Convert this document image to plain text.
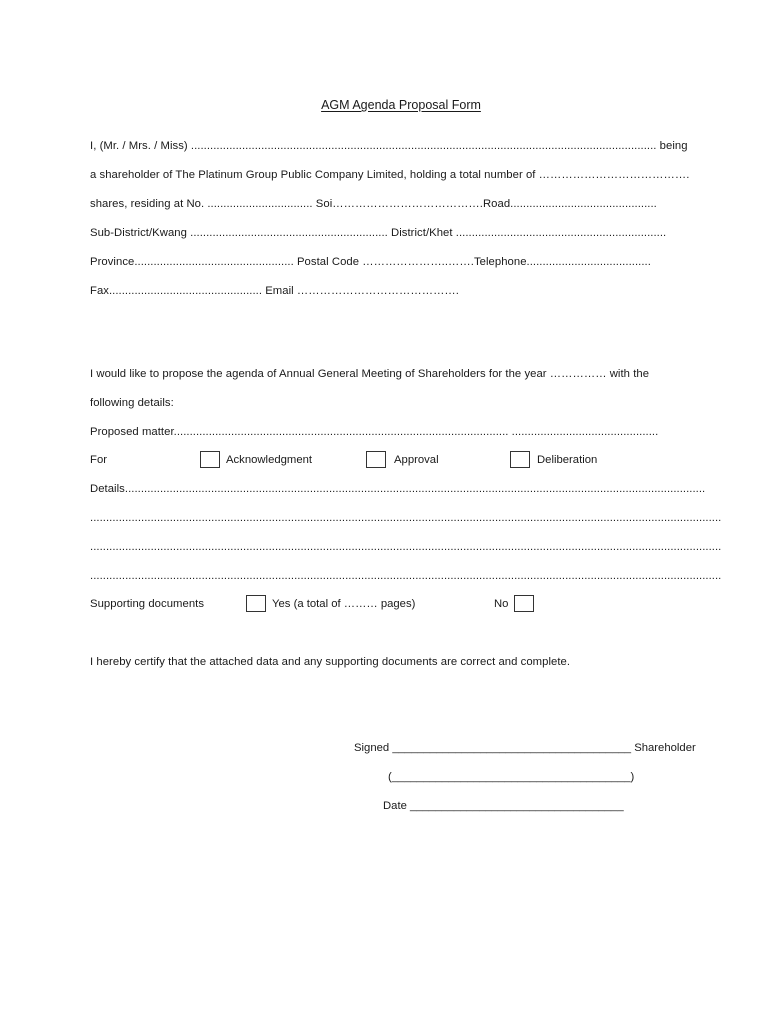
AGM Agenda Proposal Form
I, (Mr. / Mrs. / Miss) .................................................................................................................................................. being
a shareholder of The Platinum Group Public Company Limited, holding a total number of ………………………………….
shares, residing at No. ................................. Soi………………………………….Road..............................................
Sub-District/Kwang .............................................................. District/Khet ..................................................................
Province.................................................. Postal Code …………………..…….Telephone.......................................
Fax................................................ Email …………………………………….
I would like to propose the agenda of Annual General Meeting of Shareholders for the year …………… with the
following details:
Proposed matter......................................................................................................... ..............................................
For	Acknowledgment	Approval	Deliberation
Details......................................................................................................................................................................................
......................................................................................................................................................................................................
......................................................................................................................................................................................................
......................................................................................................................................................................................................
Supporting documents	Yes (a total of ……… pages)	No
I hereby certify that the attached data and any supporting documents are correct and complete.
Signed ______________________________________ Shareholder
(______________________________________)
Date __________________________________
